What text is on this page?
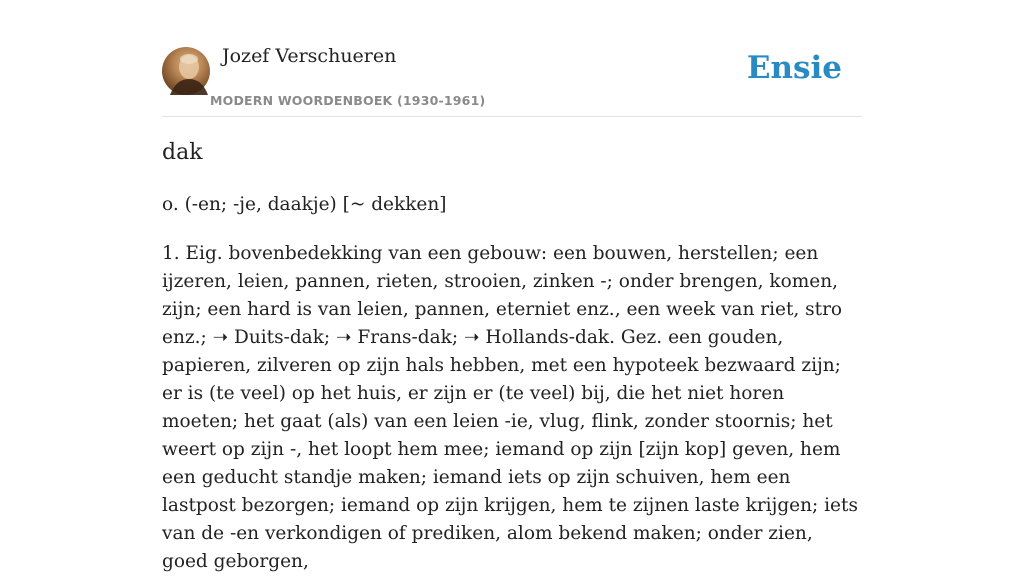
Jozef Verschueren
MODERN WOORDENBOEK (1930-1961)
Ensie
dak
o. (-en; -je, daakje) [~ dekken]

1. Eig. bovenbedekking van een gebouw: een bouwen, herstellen; een ijzeren, leien, pannen, rieten, strooien, zinken -; onder brengen, komen, zijn; een hard is van leien, pannen, eterniet enz., een week van riet, stro enz.; ➝ Duits-dak; ➝ Frans-dak; ➝ Hollands-dak. Gez. een gouden, papieren, zilveren op zijn hals hebben, met een hypoteek bezwaard zijn; er is (te veel) op het huis, er zijn er (te veel) bij, die het niet horen moeten; het gaat (als) van een leien -ie, vlug, flink, zonder stoornis; het weert op zijn -, het loopt hem mee; iemand op zijn [zijn kop] geven, hem een geducht standje maken; iemand iets op zijn schuiven, hem een lastpost bezorgen; iemand op zijn krijgen, hem te zijnen laste krijgen; iets van de -en verkondigen of prediken, alom bekend maken; onder zien, goed geborgen,
